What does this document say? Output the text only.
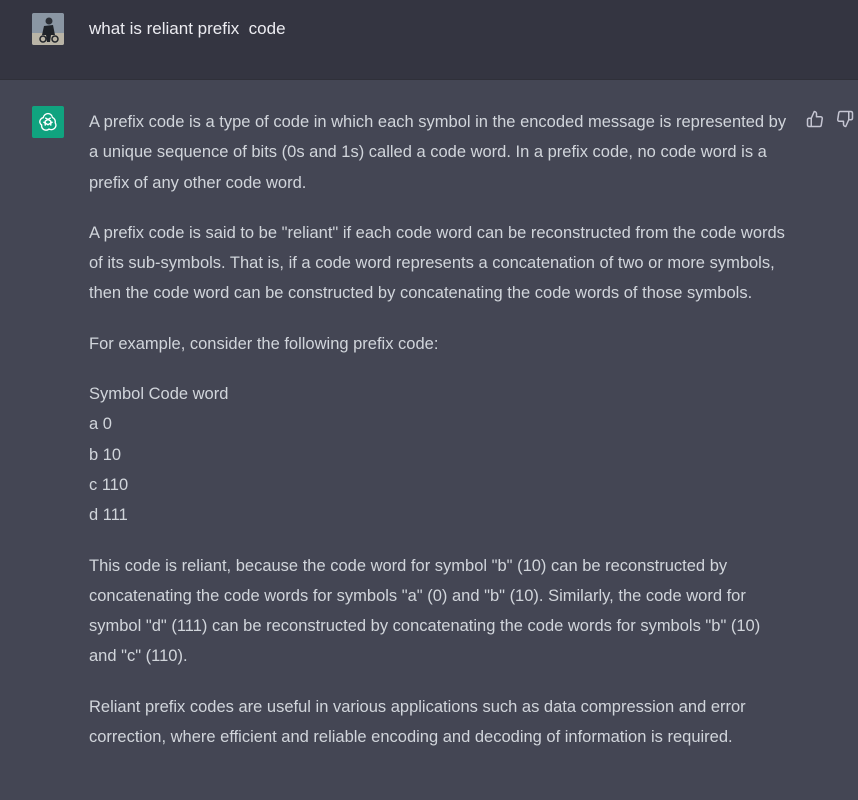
what is reliant prefix  code

A prefix code is a type of code in which each symbol in the encoded message is represented by a unique sequence of bits (0s and 1s) called a code word. In a prefix code, no code word is a prefix of any other code word.

A prefix code is said to be "reliant" if each code word can be reconstructed from the code words of its sub-symbols. That is, if a code word represents a concatenation of two or more symbols, then the code word can be constructed by concatenating the code words of those symbols.

For example, consider the following prefix code:

Symbol Code word
a 0
b 10
c 110
d 111

This code is reliant, because the code word for symbol "b" (10) can be reconstructed by concatenating the code words for symbols "a" (0) and "b" (10). Similarly, the code word for symbol "d" (111) can be reconstructed by concatenating the code words for symbols "b" (10) and "c" (110).

Reliant prefix codes are useful in various applications such as data compression and error correction, where efficient and reliable encoding and decoding of information is required.
